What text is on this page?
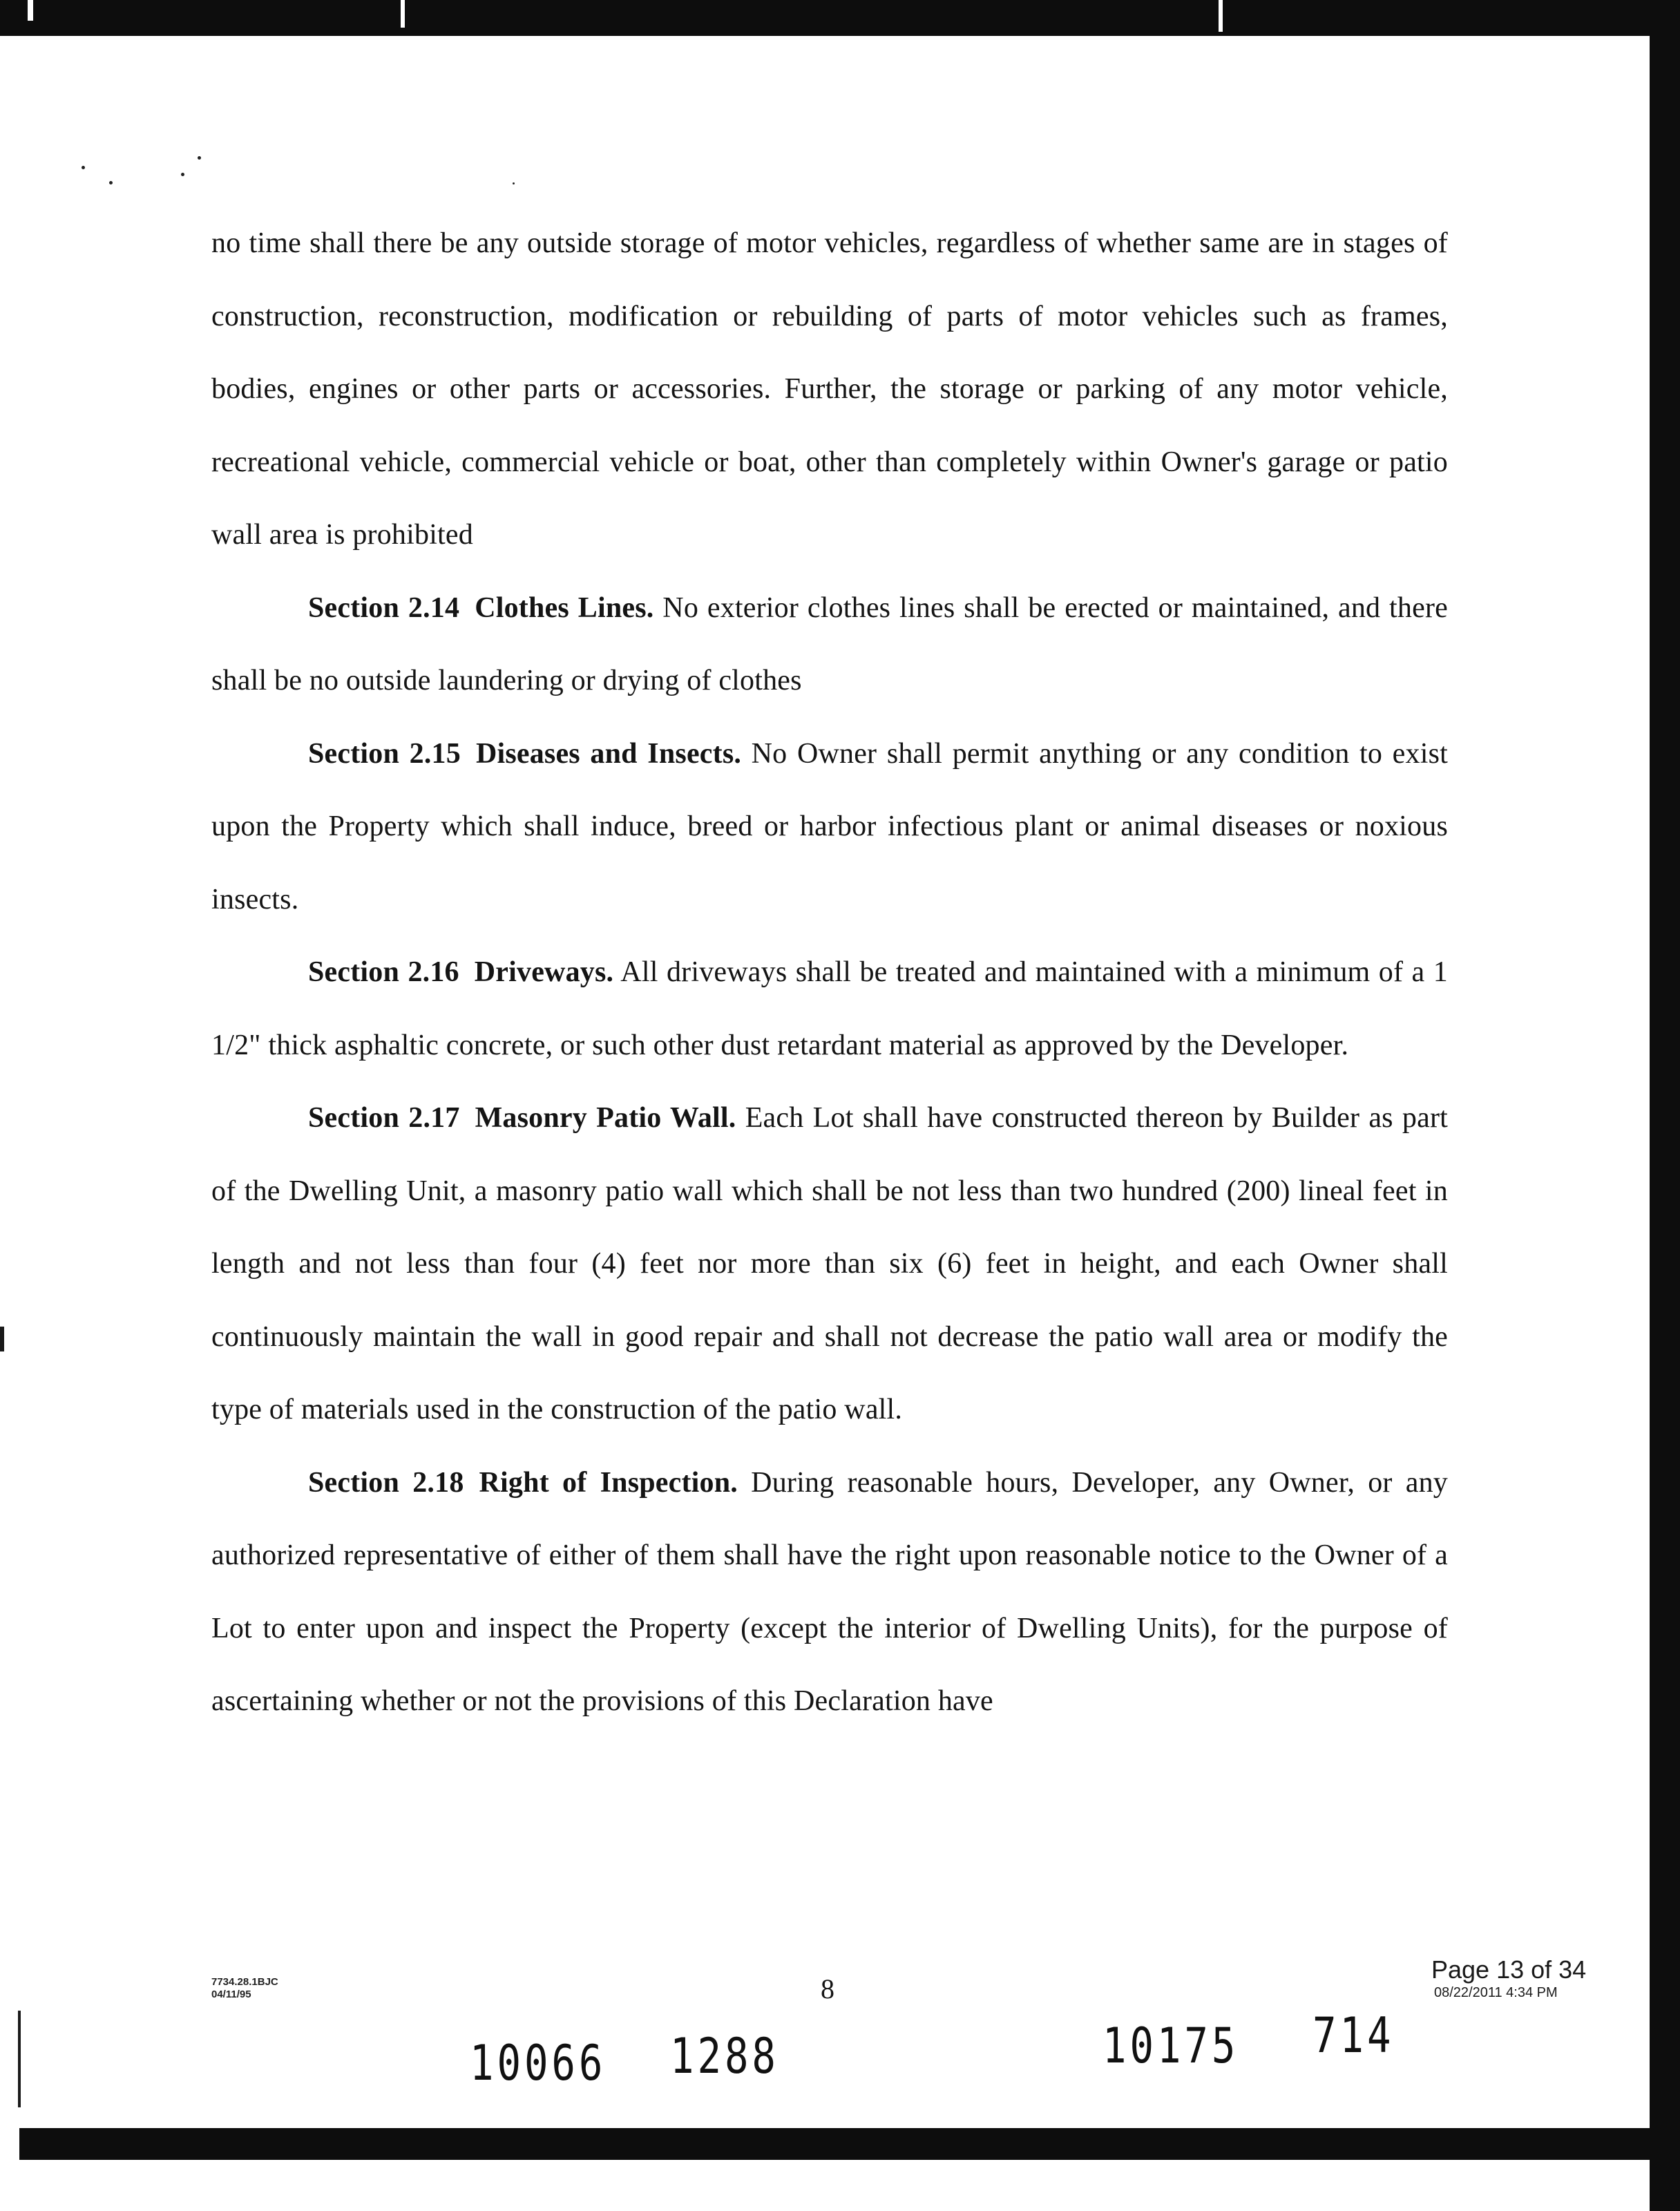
no time shall there be any outside storage of motor vehicles, regardless of whether same are in stages of construction, reconstruction, modification or rebuilding of parts of motor vehicles such as frames, bodies, engines or other parts or accessories. Further, the storage or parking of any motor vehicle, recreational vehicle, commercial vehicle or boat, other than completely within Owner's garage or patio wall area is prohibited

Section 2.14 Clothes Lines. No exterior clothes lines shall be erected or maintained, and there shall be no outside laundering or drying of clothes

Section 2.15 Diseases and Insects. No Owner shall permit anything or any condition to exist upon the Property which shall induce, breed or harbor infectious plant or animal diseases or noxious insects.

Section 2.16 Driveways. All driveways shall be treated and maintained with a minimum of a 1 1/2" thick asphaltic concrete, or such other dust retardant material as approved by the Developer.

Section 2.17 Masonry Patio Wall. Each Lot shall have constructed thereon by Builder as part of the Dwelling Unit, a masonry patio wall which shall be not less than two hundred (200) lineal feet in length and not less than four (4) feet nor more than six (6) feet in height, and each Owner shall continuously maintain the wall in good repair and shall not decrease the patio wall area or modify the type of materials used in the construction of the patio wall.

Section 2.18 Right of Inspection. During reasonable hours, Developer, any Owner, or any authorized representative of either of them shall have the right upon reasonable notice to the Owner of a Lot to enter upon and inspect the Property (except the interior of Dwelling Units), for the purpose of ascertaining whether or not the provisions of this Declaration have

7734.28.1BJC
04/11/95	8
Page 13 of 34
08/22/2011 4:34 PM
10066 1288	10175 714
